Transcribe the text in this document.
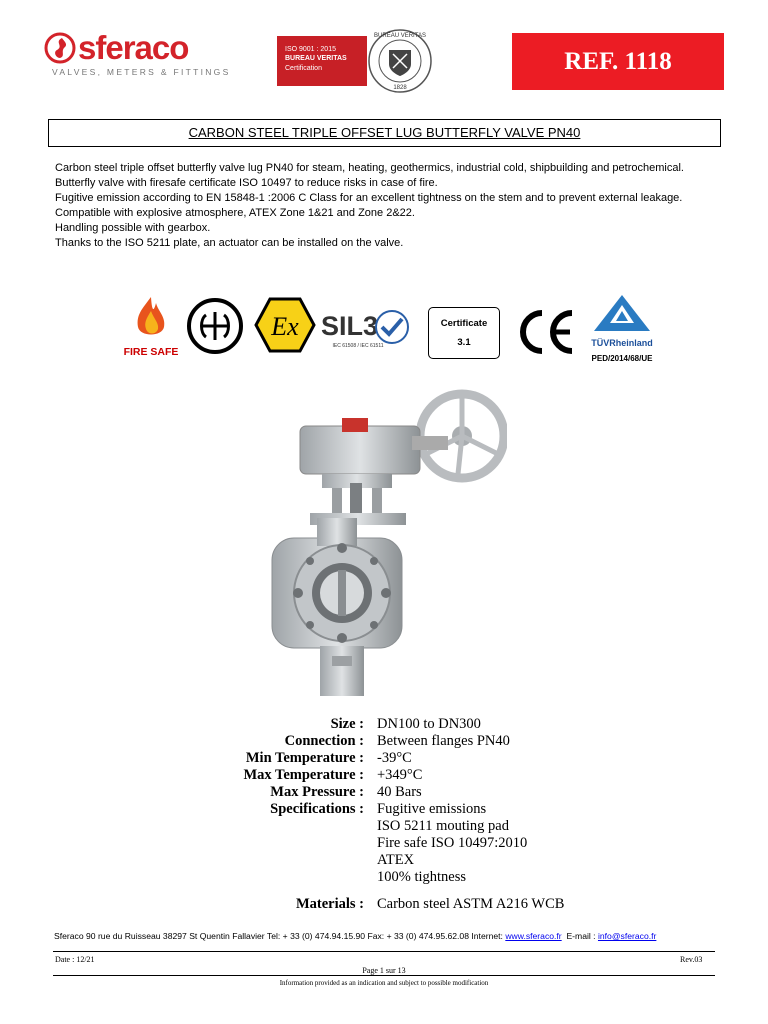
sferaco
VALVES, METERS & FITTINGS
ISO 9001 : 2015
BUREAU VERITAS
Certification
BUREAU VERITAS
1828
REF. 1118
CARBON STEEL TRIPLE OFFSET LUG BUTTERFLY VALVE PN40
Carbon steel triple offset butterfly valve lug PN40 for steam, heating, geothermics, industrial cold, shipbuilding and petrochemical.
Butterfly valve with firesafe certificate ISO 10497 to reduce risks in case of fire.
Fugitive emission according to EN 15848-1 :2006 C Class for an excellent tightness on the stem and to prevent external leakage.
Compatible with explosive atmosphere, ATEX Zone 1&21 and Zone 2&22.
Handling possible with gearbox.
Thanks to the ISO 5211 plate, an actuator can be installed on the valve.
FIRE SAFE
Ex SIL3
IEC 61508 / IEC 61511
Certificate
3.1	TÜVRheinland
PED/2014/68/UE
Size : DN100 to DN300
Connection : Between flanges PN40
Min Temperature : -39°C
Max Temperature : +349°C
Max Pressure : 40 Bars
Specifications : Fugitive emissions
ISO 5211 mouting pad
Fire safe ISO 10497:2010
ATEX
100% tightness
Materials : Carbon steel ASTM A216 WCB
Sferaco 90 rue du Ruisseau 38297 St Quentin Fallavier Tel: + 33 (0) 474.94.15.90 Fax: + 33 (0) 474.95.62.08 Internet: www.sferaco.fr  E-mail : info@sferaco.fr
Date : 12/21	Rev.03
Page 1 sur 13
Information provided as an indication and subject to possible modification
